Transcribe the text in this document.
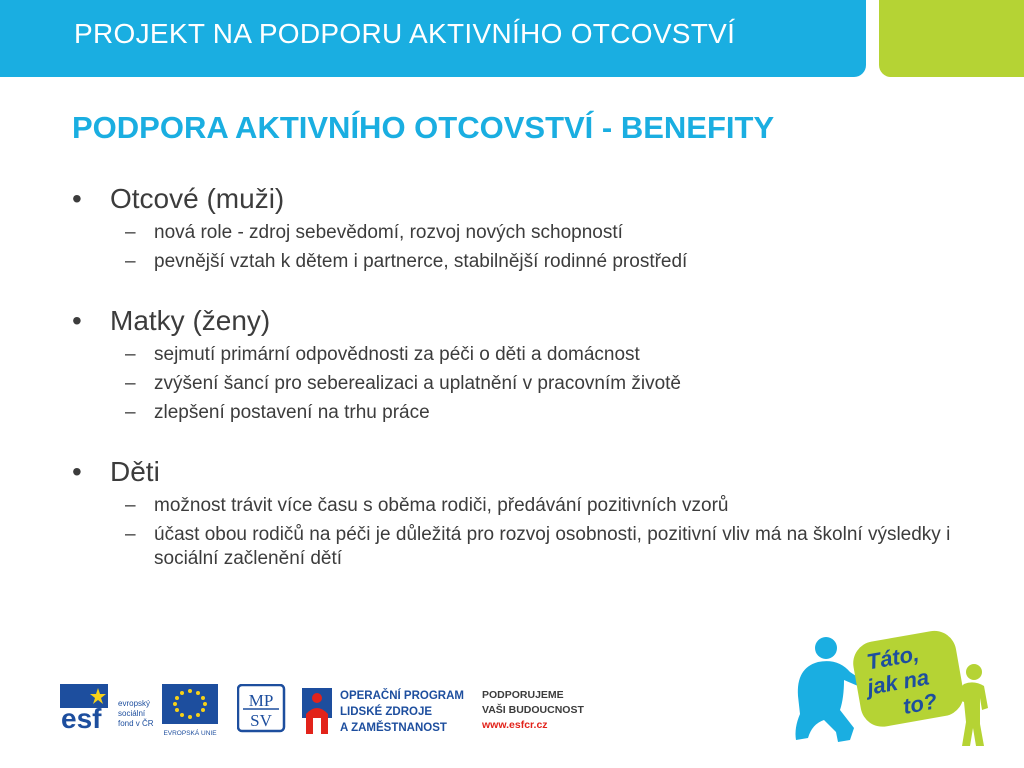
PROJEKT NA PODPORU AKTIVNÍHO OTCOVSTVÍ
PODPORA AKTIVNÍHO OTCOVSTVÍ - BENEFITY
•	Otcové (muži)
– nová role - zdroj sebevědomí, rozvoj nových schopností
– pevnější vztah k dětem i partnerce, stabilnější rodinné prostředí
•	Matky (ženy)
– sejmutí primární odpovědnosti za péči o děti a domácnost
– zvýšení šancí pro seberealizaci a uplatnění v pracovním životě
– zlepšení postavení na trhu práce
•	Děti
– možnost trávit více času s oběma rodiči, předávání pozitivních vzorů
– účast obou rodičů na péči je důležitá pro rozvoj osobnosti, pozitivní vliv má na školní výsledky i sociální začlenění dětí
esf evropský
sociální
fond v ČR
EVROPSKÁ UNIE
MP
SV
OPERAČNÍ PROGRAM
LIDSKÉ ZDROJE
A ZAMĚSTNANOST
PODPORUJEME
VAŠI BUDOUCNOST
www.esfcr.cz
Táto,
jak na
to?
